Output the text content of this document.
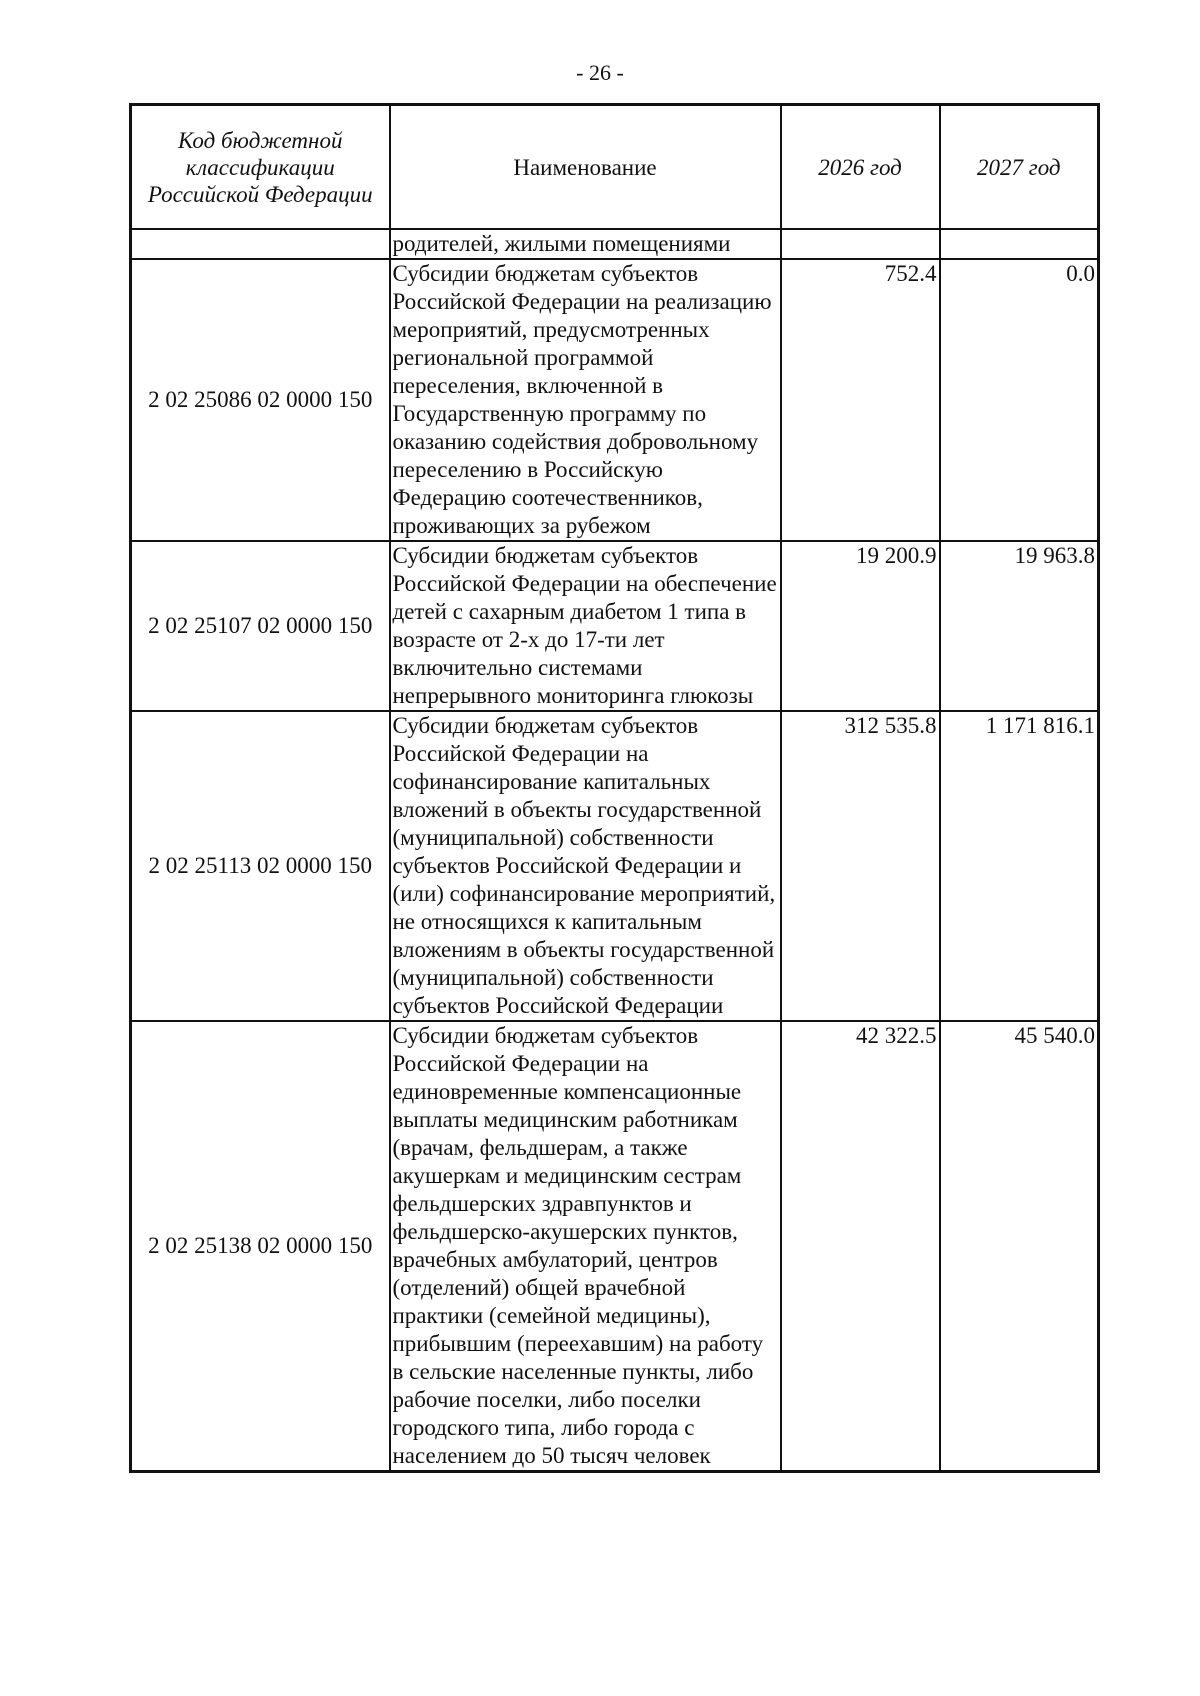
- 26 -
Код бюджетной классификации Российской Федерации	Наименование	2026 год	2027 год
	родителей, жилыми помещениями		
2 02 25086 02 0000 150	Субсидии бюджетам субъектов Российской Федерации на реализацию мероприятий, предусмотренных региональной программой переселения, включенной в Государственную программу по оказанию содействия добровольному переселению в Российскую Федерацию соотечественников, проживающих за рубежом	752.4	0.0
2 02 25107 02 0000 150	Субсидии бюджетам субъектов Российской Федерации на обеспечение детей с сахарным диабетом 1 типа в возрасте от 2-х до 17-ти лет включительно системами непрерывного мониторинга глюкозы	19 200.9	19 963.8
2 02 25113 02 0000 150	Субсидии бюджетам субъектов Российской Федерации на софинансирование капитальных вложений в объекты государственной (муниципальной) собственности субъектов Российской Федерации и (или) софинансирование мероприятий, не относящихся к капитальным вложениям в объекты государственной (муниципальной) собственности субъектов Российской Федерации	312 535.8	1 171 816.1
2 02 25138 02 0000 150	Субсидии бюджетам субъектов Российской Федерации на единовременные компенсационные выплаты медицинским работникам (врачам, фельдшерам, а также акушеркам и медицинским сестрам фельдшерских здравпунктов и фельдшерско-акушерских пунктов, врачебных амбулаторий, центров (отделений) общей врачебной практики (семейной медицины), прибывшим (переехавшим) на работу в сельские населенные пункты, либо рабочие поселки, либо поселки городского типа, либо города с населением до 50 тысяч человек	42 322.5	45 540.0
